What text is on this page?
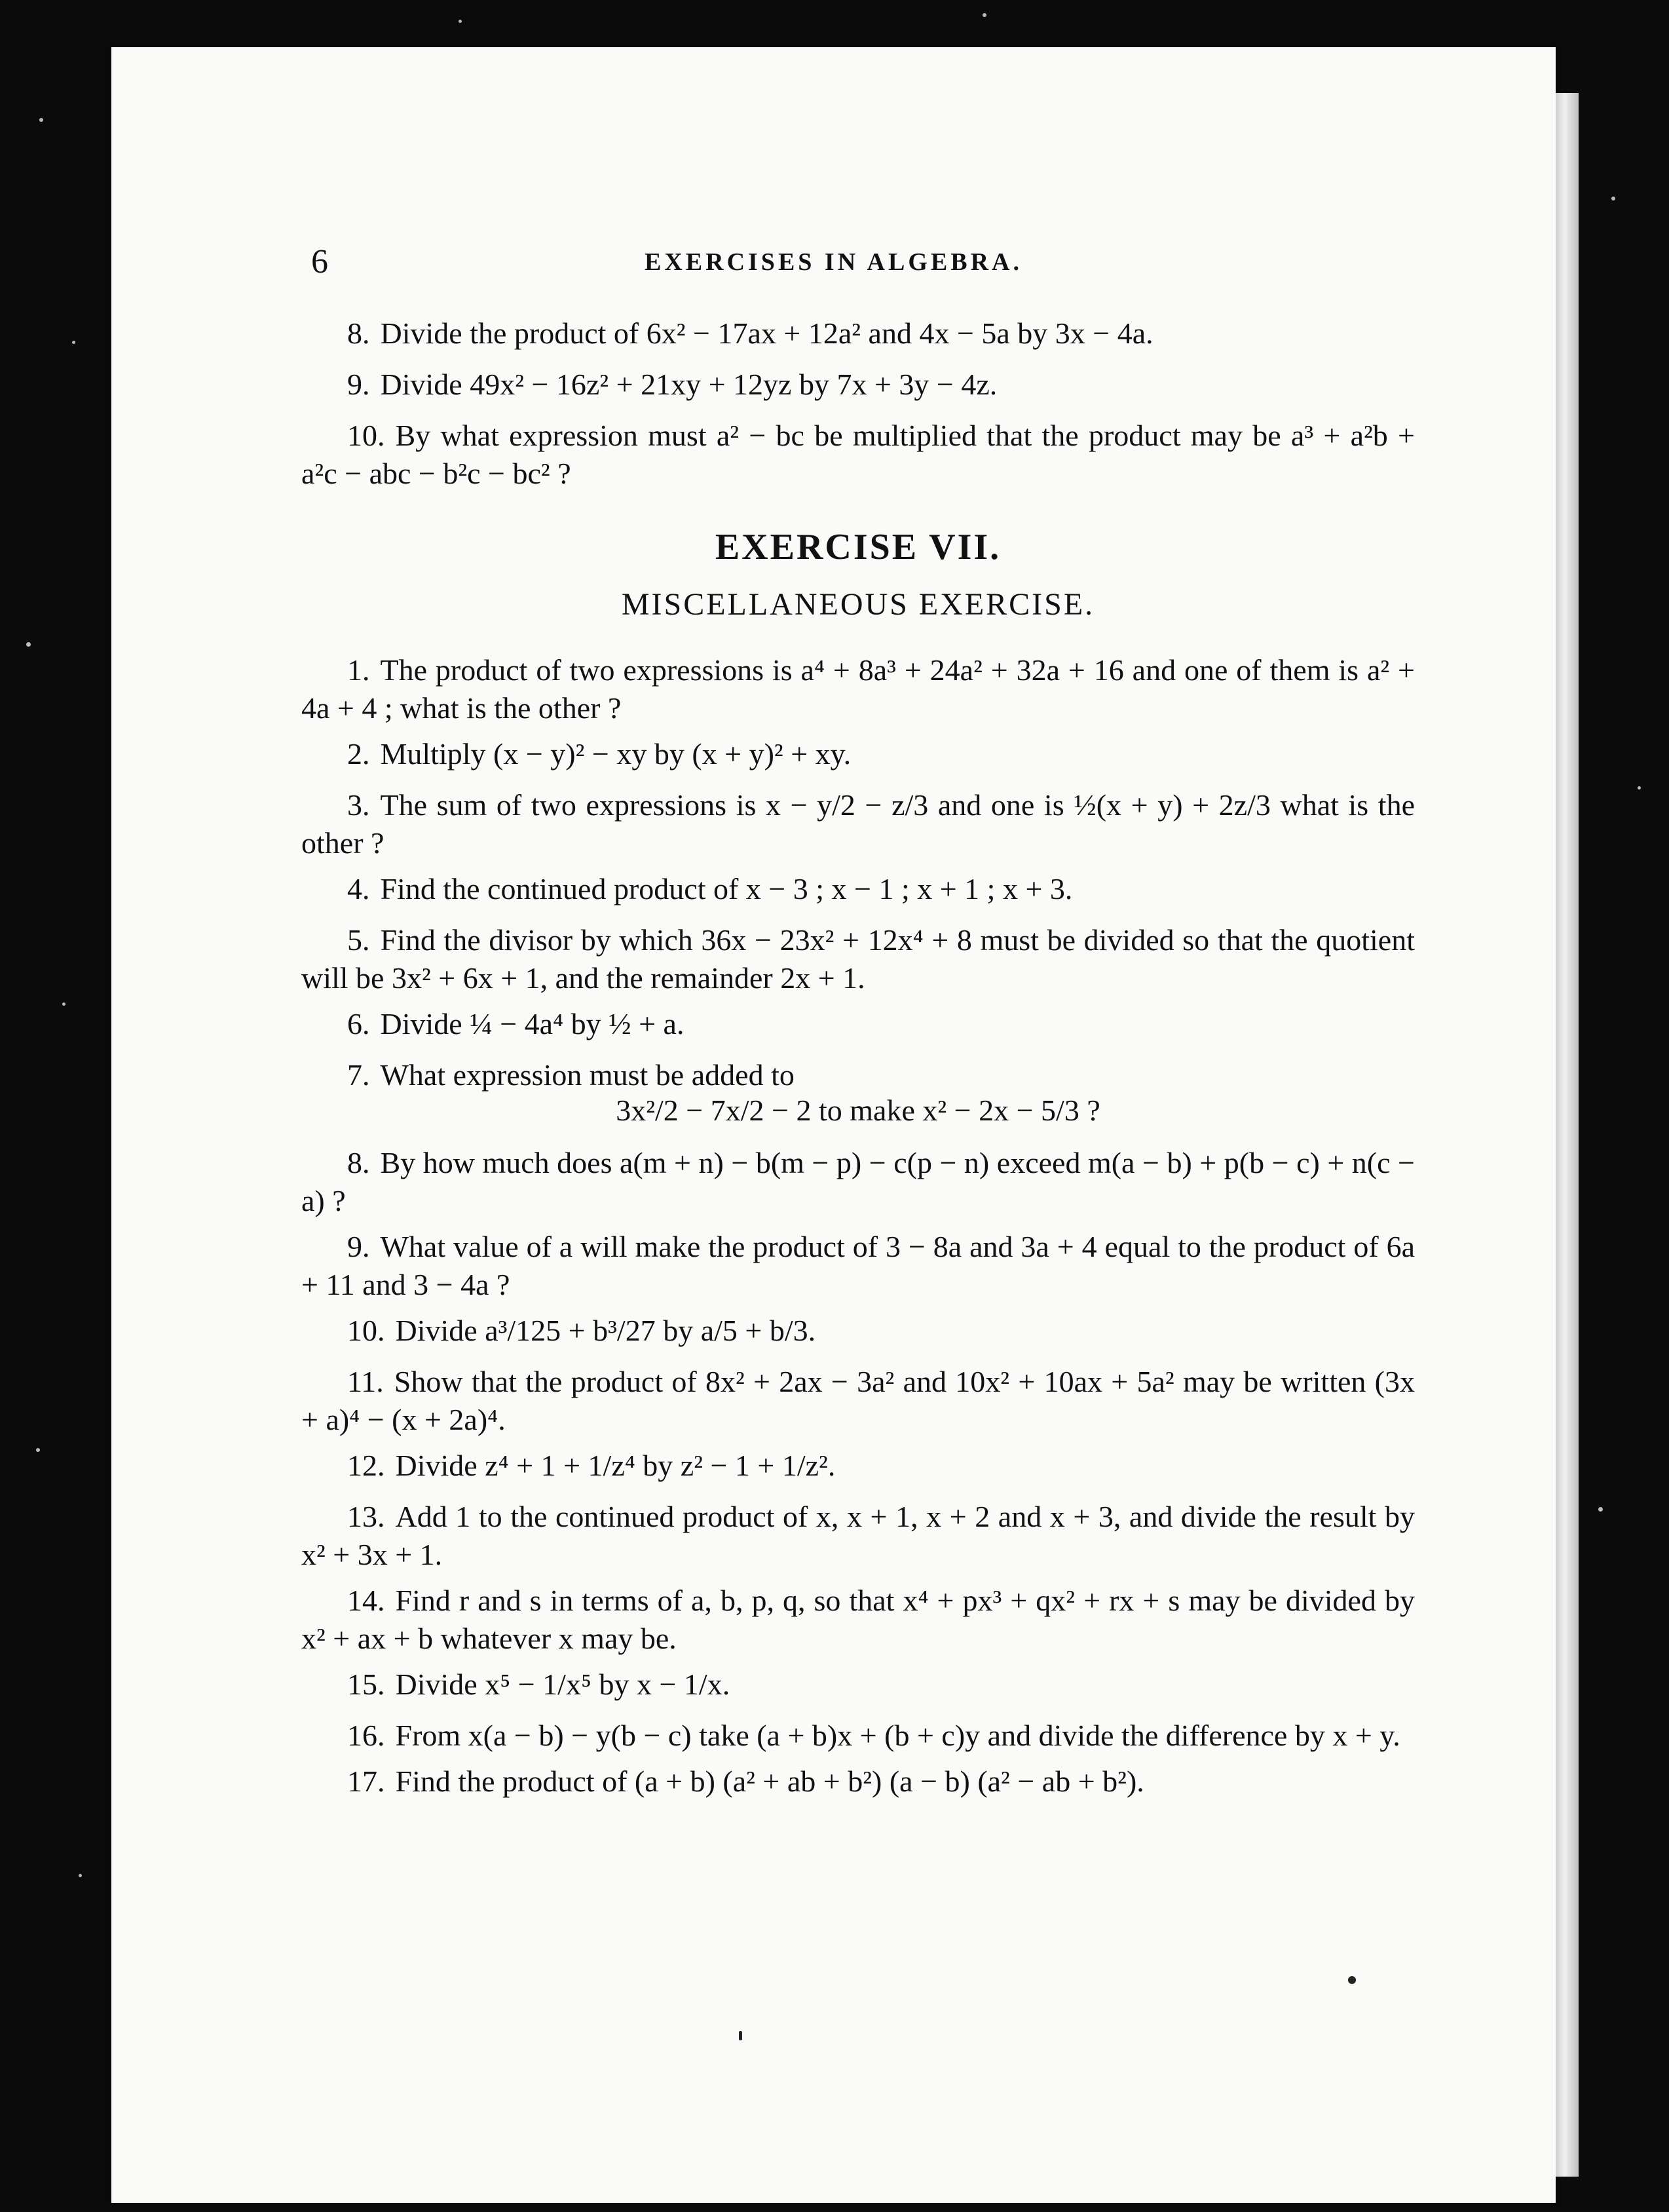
6	EXERCISES IN ALGEBRA.

8. Divide the product of 6x² − 17ax + 12a² and 4x − 5a by 3x − 4a.

9. Divide 49x² − 16z² + 21xy + 12yz by 7x + 3y − 4z.

10. By what expression must a² − bc be multiplied that the product may be a³ + a²b + a²c − abc − b²c − bc² ?

EXERCISE VII.
MISCELLANEOUS EXERCISE.

1. The product of two expressions is a⁴ + 8a³ + 24a² + 32a + 16 and one of them is a² + 4a + 4 ; what is the other ?

2. Multiply (x − y)² − xy by (x + y)² + xy.

3. The sum of two expressions is x − y/2 − z/3 and one is ½(x + y) + 2z/3 what is the other ?

4. Find the continued product of x − 3 ; x − 1 ; x + 1 ; x + 3.

5. Find the divisor by which 36x − 23x² + 12x⁴ + 8 must be divided so that the quotient will be 3x² + 6x + 1, and the remainder 2x + 1.

6. Divide ¼ − 4a⁴ by ½ + a.

7. What expression must be added to

3x²/2 − 7x/2 − 2 to make x² − 2x − 5/3 ?

8. By how much does a(m + n) − b(m − p) − c(p − n) exceed m(a − b) + p(b − c) + n(c − a) ?

9. What value of a will make the product of 3 − 8a and 3a + 4 equal to the product of 6a + 11 and 3 − 4a ?

10. Divide a³/125 + b³/27 by a/5 + b/3.

11. Show that the product of 8x² + 2ax − 3a² and 10x² + 10ax + 5a² may be written (3x + a)⁴ − (x + 2a)⁴.

12. Divide z⁴ + 1 + 1/z⁴ by z² − 1 + 1/z².

13. Add 1 to the continued product of x, x + 1, x + 2 and x + 3, and divide the result by x² + 3x + 1.

14. Find r and s in terms of a, b, p, q, so that x⁴ + px³ + qx² + rx + s may be divided by x² + ax + b whatever x may be.

15. Divide x⁵ − 1/x⁵ by x − 1/x.

16. From x(a − b) − y(b − c) take (a + b)x + (b + c)y and divide the difference by x + y.

17. Find the product of (a + b) (a² + ab + b²) (a − b) (a² − ab + b²).
